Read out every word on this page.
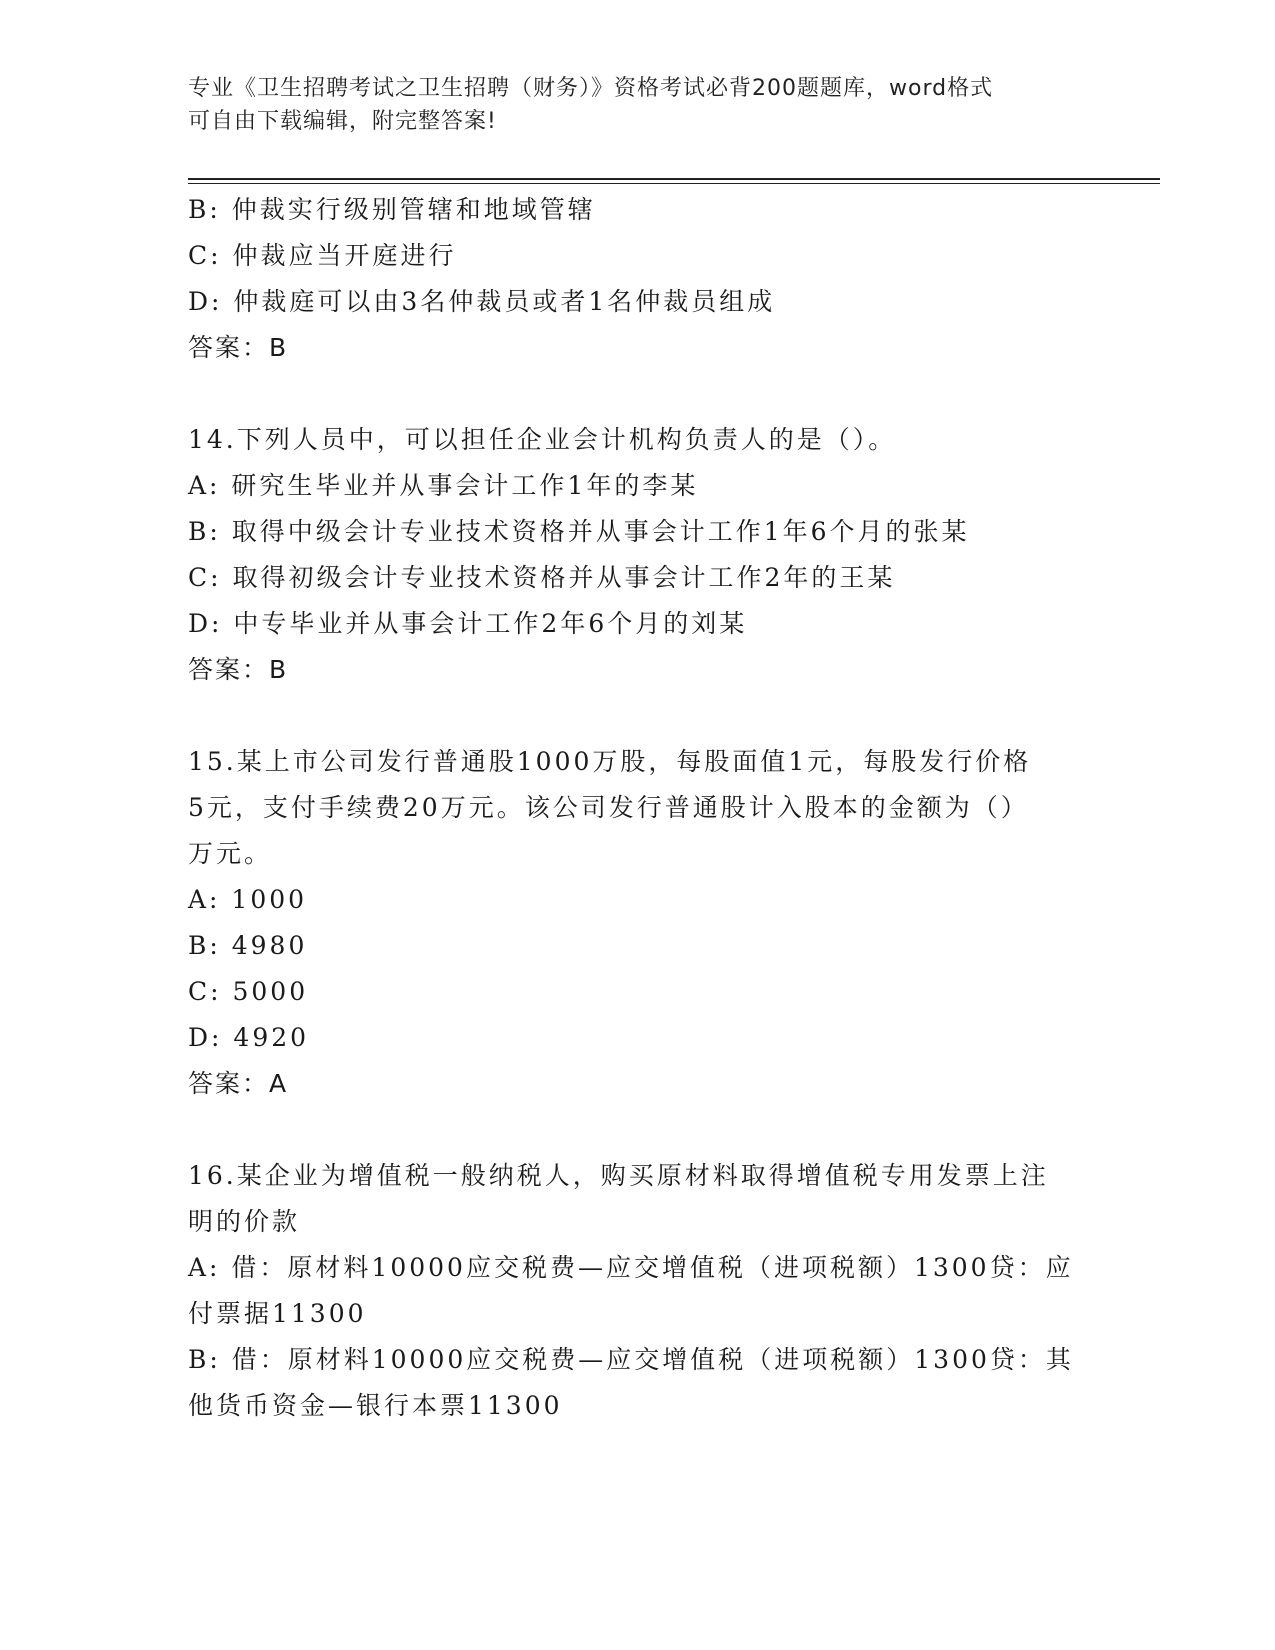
专业《卫生招聘考试之卫生招聘（财务）》资格考试必背200题题库，word格式
可自由下载编辑，附完整答案!
B: 仲裁实行级别管辖和地域管辖
C: 仲裁应当开庭进行
D: 仲裁庭可以由3名仲裁员或者1名仲裁员组成
答案：B
14.下列人员中，可以担任企业会计机构负责人的是（）。
A: 研究生毕业并从事会计工作1年的李某
B: 取得中级会计专业技术资格并从事会计工作1年6个月的张某
C: 取得初级会计专业技术资格并从事会计工作2年的王某
D: 中专毕业并从事会计工作2年6个月的刘某
答案：B
15.某上市公司发行普通股1000万股，每股面值1元，每股发行价格
5元，支付手续费20万元。该公司发行普通股计入股本的金额为（）
万元。
A: 1000
B: 4980
C: 5000
D: 4920
答案：A
16.某企业为增值税一般纳税人，购买原材料取得增值税专用发票上注
明的价款
A: 借：原材料10000应交税费—应交增值税（进项税额）1300贷：应
付票据11300
B: 借：原材料10000应交税费—应交增值税（进项税额）1300贷：其
他货币资金—银行本票11300
